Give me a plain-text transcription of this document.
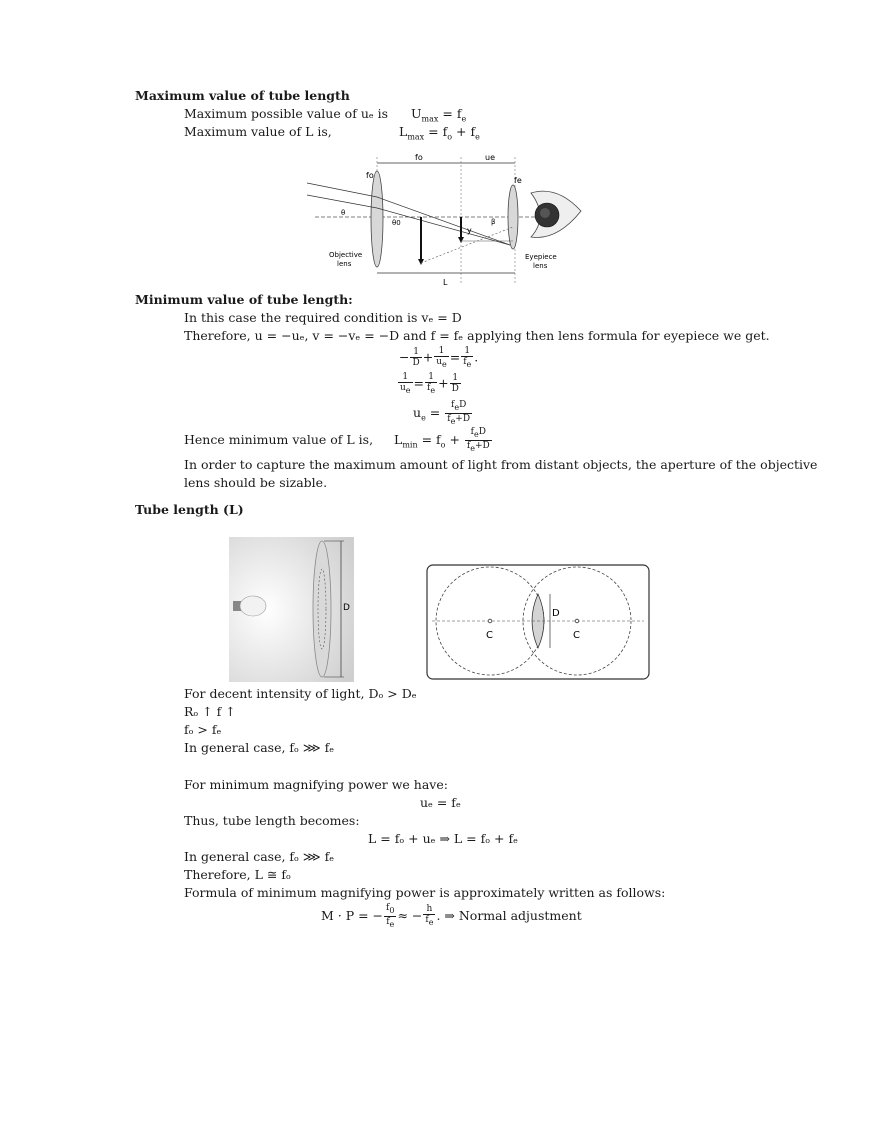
Maximum value of tube length
Maximum possible value of uₑ is $U_{max} = f_e$
Maximum value of L is,	$L_{max} = f_o + f_e$
fo	ue
fo
fe
L
θ
θ0	β
y
Objective
lens
Eyepiece
lens
Minimum value of tube length:
In this case the required condition is vₑ = D
Therefore, u = −uₑ, v = −vₑ = −D and f = fₑ applying then lens formula for eyepiece we get.
− $\frac{1}{D} + \frac{1}{u_e} = \frac{1}{f_e}$ .
$\frac{1}{u_e} = \frac{1}{f_e} + \frac{1}{D}$
$u_e = \frac{f_eD}{f_e+D}$
Hence minimum value of L is, $L_{min} = f_o + \frac{f_eD}{f_e+D}$
In order to capture the maximum amount of light from distant objects, the aperture of the objective
lens should be sizable.
Tube length (L)
D	D
C	C
For decent intensity of light, Dₒ > Dₑ
Rₒ ↑ f ↑
fₒ > fₑ
In general case, fₒ ⋙ fₑ
For minimum magnifying power we have:
uₑ = fₑ
Thus, tube length becomes:
L = fₒ + uₑ ⇒ L = fₒ + fₑ
In general case, fₒ ⋙ fₑ
Therefore, L ≅ fₒ
Formula of minimum magnifying power is approximately written as follows:
M · P = − $\frac{f_0}{f_e}$ ≈ − $\frac{h}{f_e}$ . ⇒ Normal adjustment
